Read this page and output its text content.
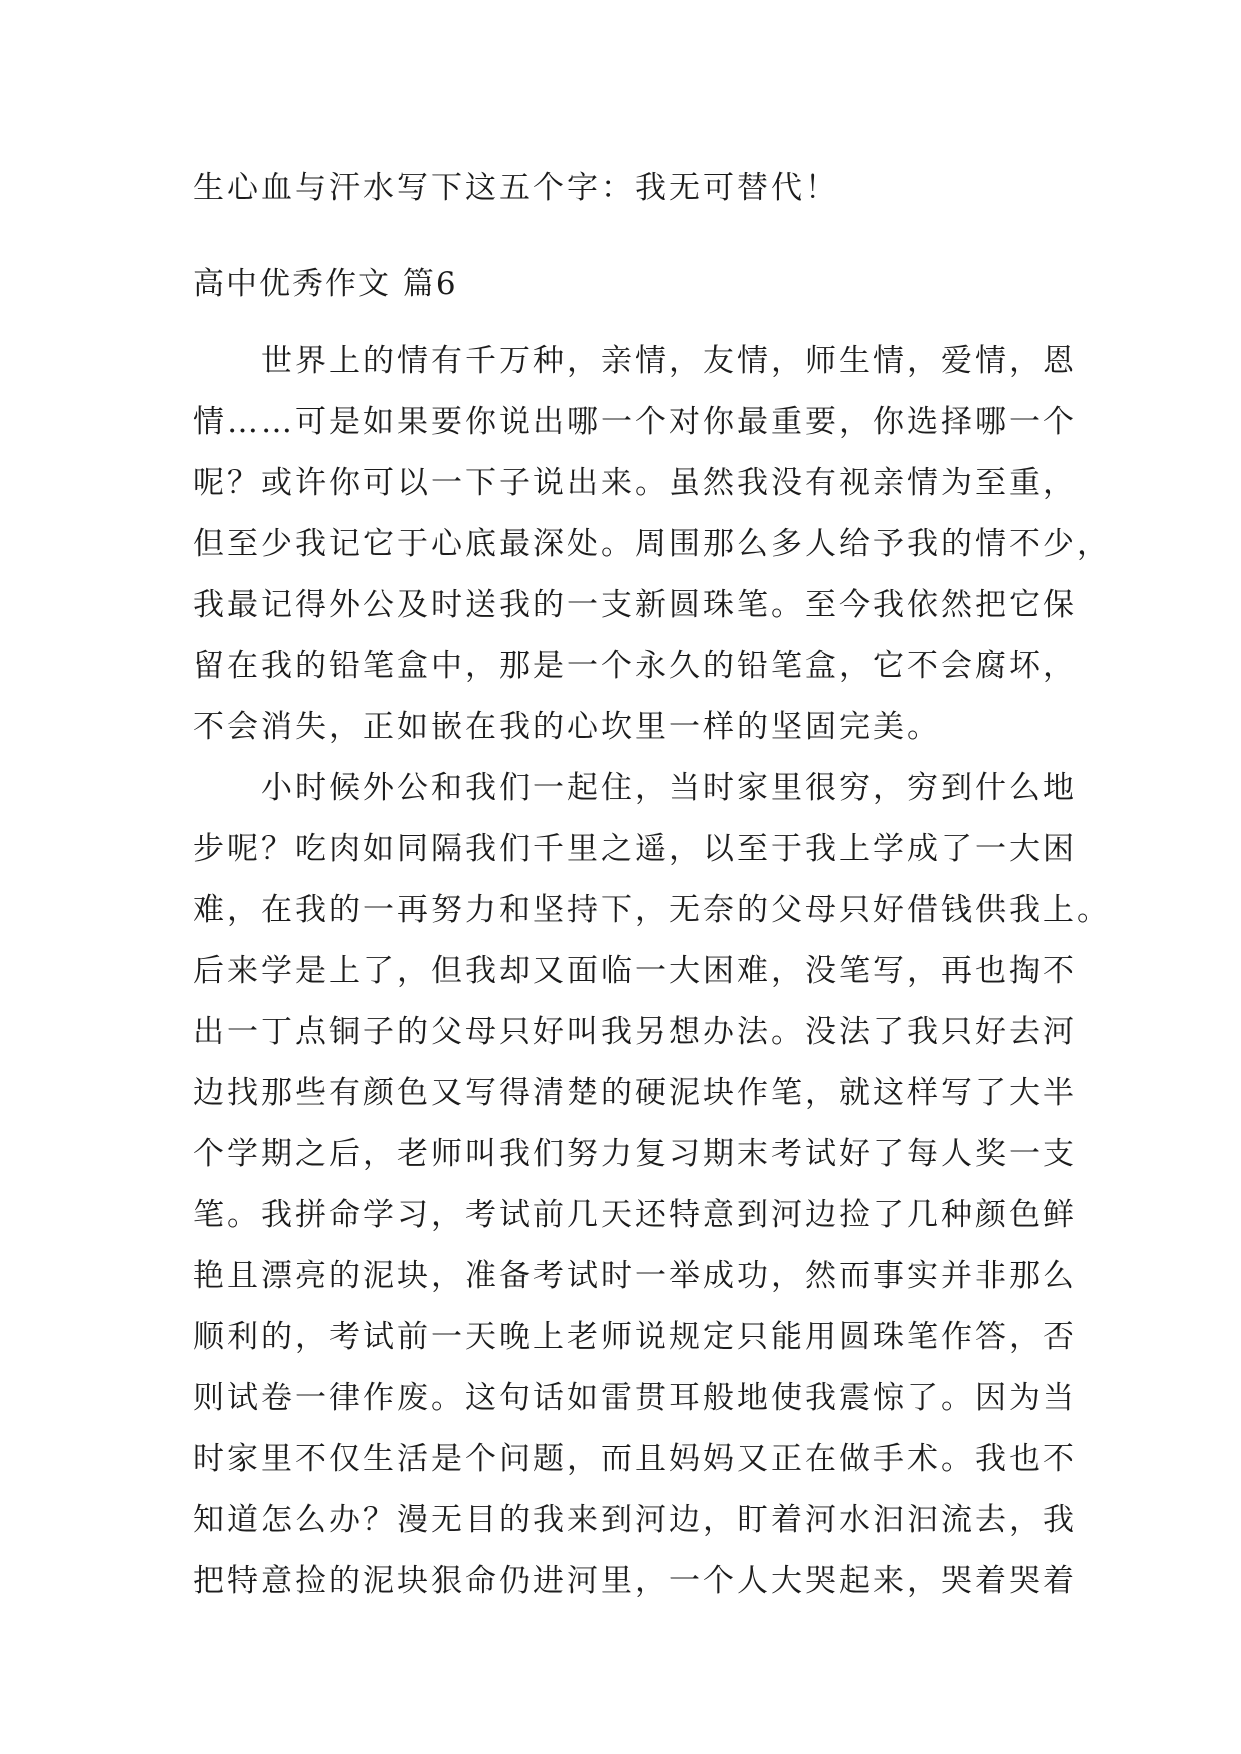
生心血与汗水写下这五个字：我无可替代！
高中优秀作文 篇6
世界上的情有千万种，亲情，友情，师生情，爱情，恩
情……可是如果要你说出哪一个对你最重要，你选择哪一个
呢？或许你可以一下子说出来。虽然我没有视亲情为至重，
但至少我记它于心底最深处。周围那么多人给予我的情不少，
我最记得外公及时送我的一支新圆珠笔。至今我依然把它保
留在我的铅笔盒中，那是一个永久的铅笔盒，它不会腐坏，
不会消失，正如嵌在我的心坎里一样的坚固完美。
小时候外公和我们一起住，当时家里很穷，穷到什么地
步呢？吃肉如同隔我们千里之遥，以至于我上学成了一大困
难，在我的一再努力和坚持下，无奈的父母只好借钱供我上。
后来学是上了，但我却又面临一大困难，没笔写，再也掏不
出一丁点铜子的父母只好叫我另想办法。没法了我只好去河
边找那些有颜色又写得清楚的硬泥块作笔，就这样写了大半
个学期之后，老师叫我们努力复习期末考试好了每人奖一支
笔。我拼命学习，考试前几天还特意到河边捡了几种颜色鲜
艳且漂亮的泥块，准备考试时一举成功，然而事实并非那么
顺利的，考试前一天晚上老师说规定只能用圆珠笔作答，否
则试卷一律作废。这句话如雷贯耳般地使我震惊了。因为当
时家里不仅生活是个问题，而且妈妈又正在做手术。我也不
知道怎么办？漫无目的我来到河边，盯着河水汩汩流去，我
把特意捡的泥块狠命仍进河里，一个人大哭起来，哭着哭着
